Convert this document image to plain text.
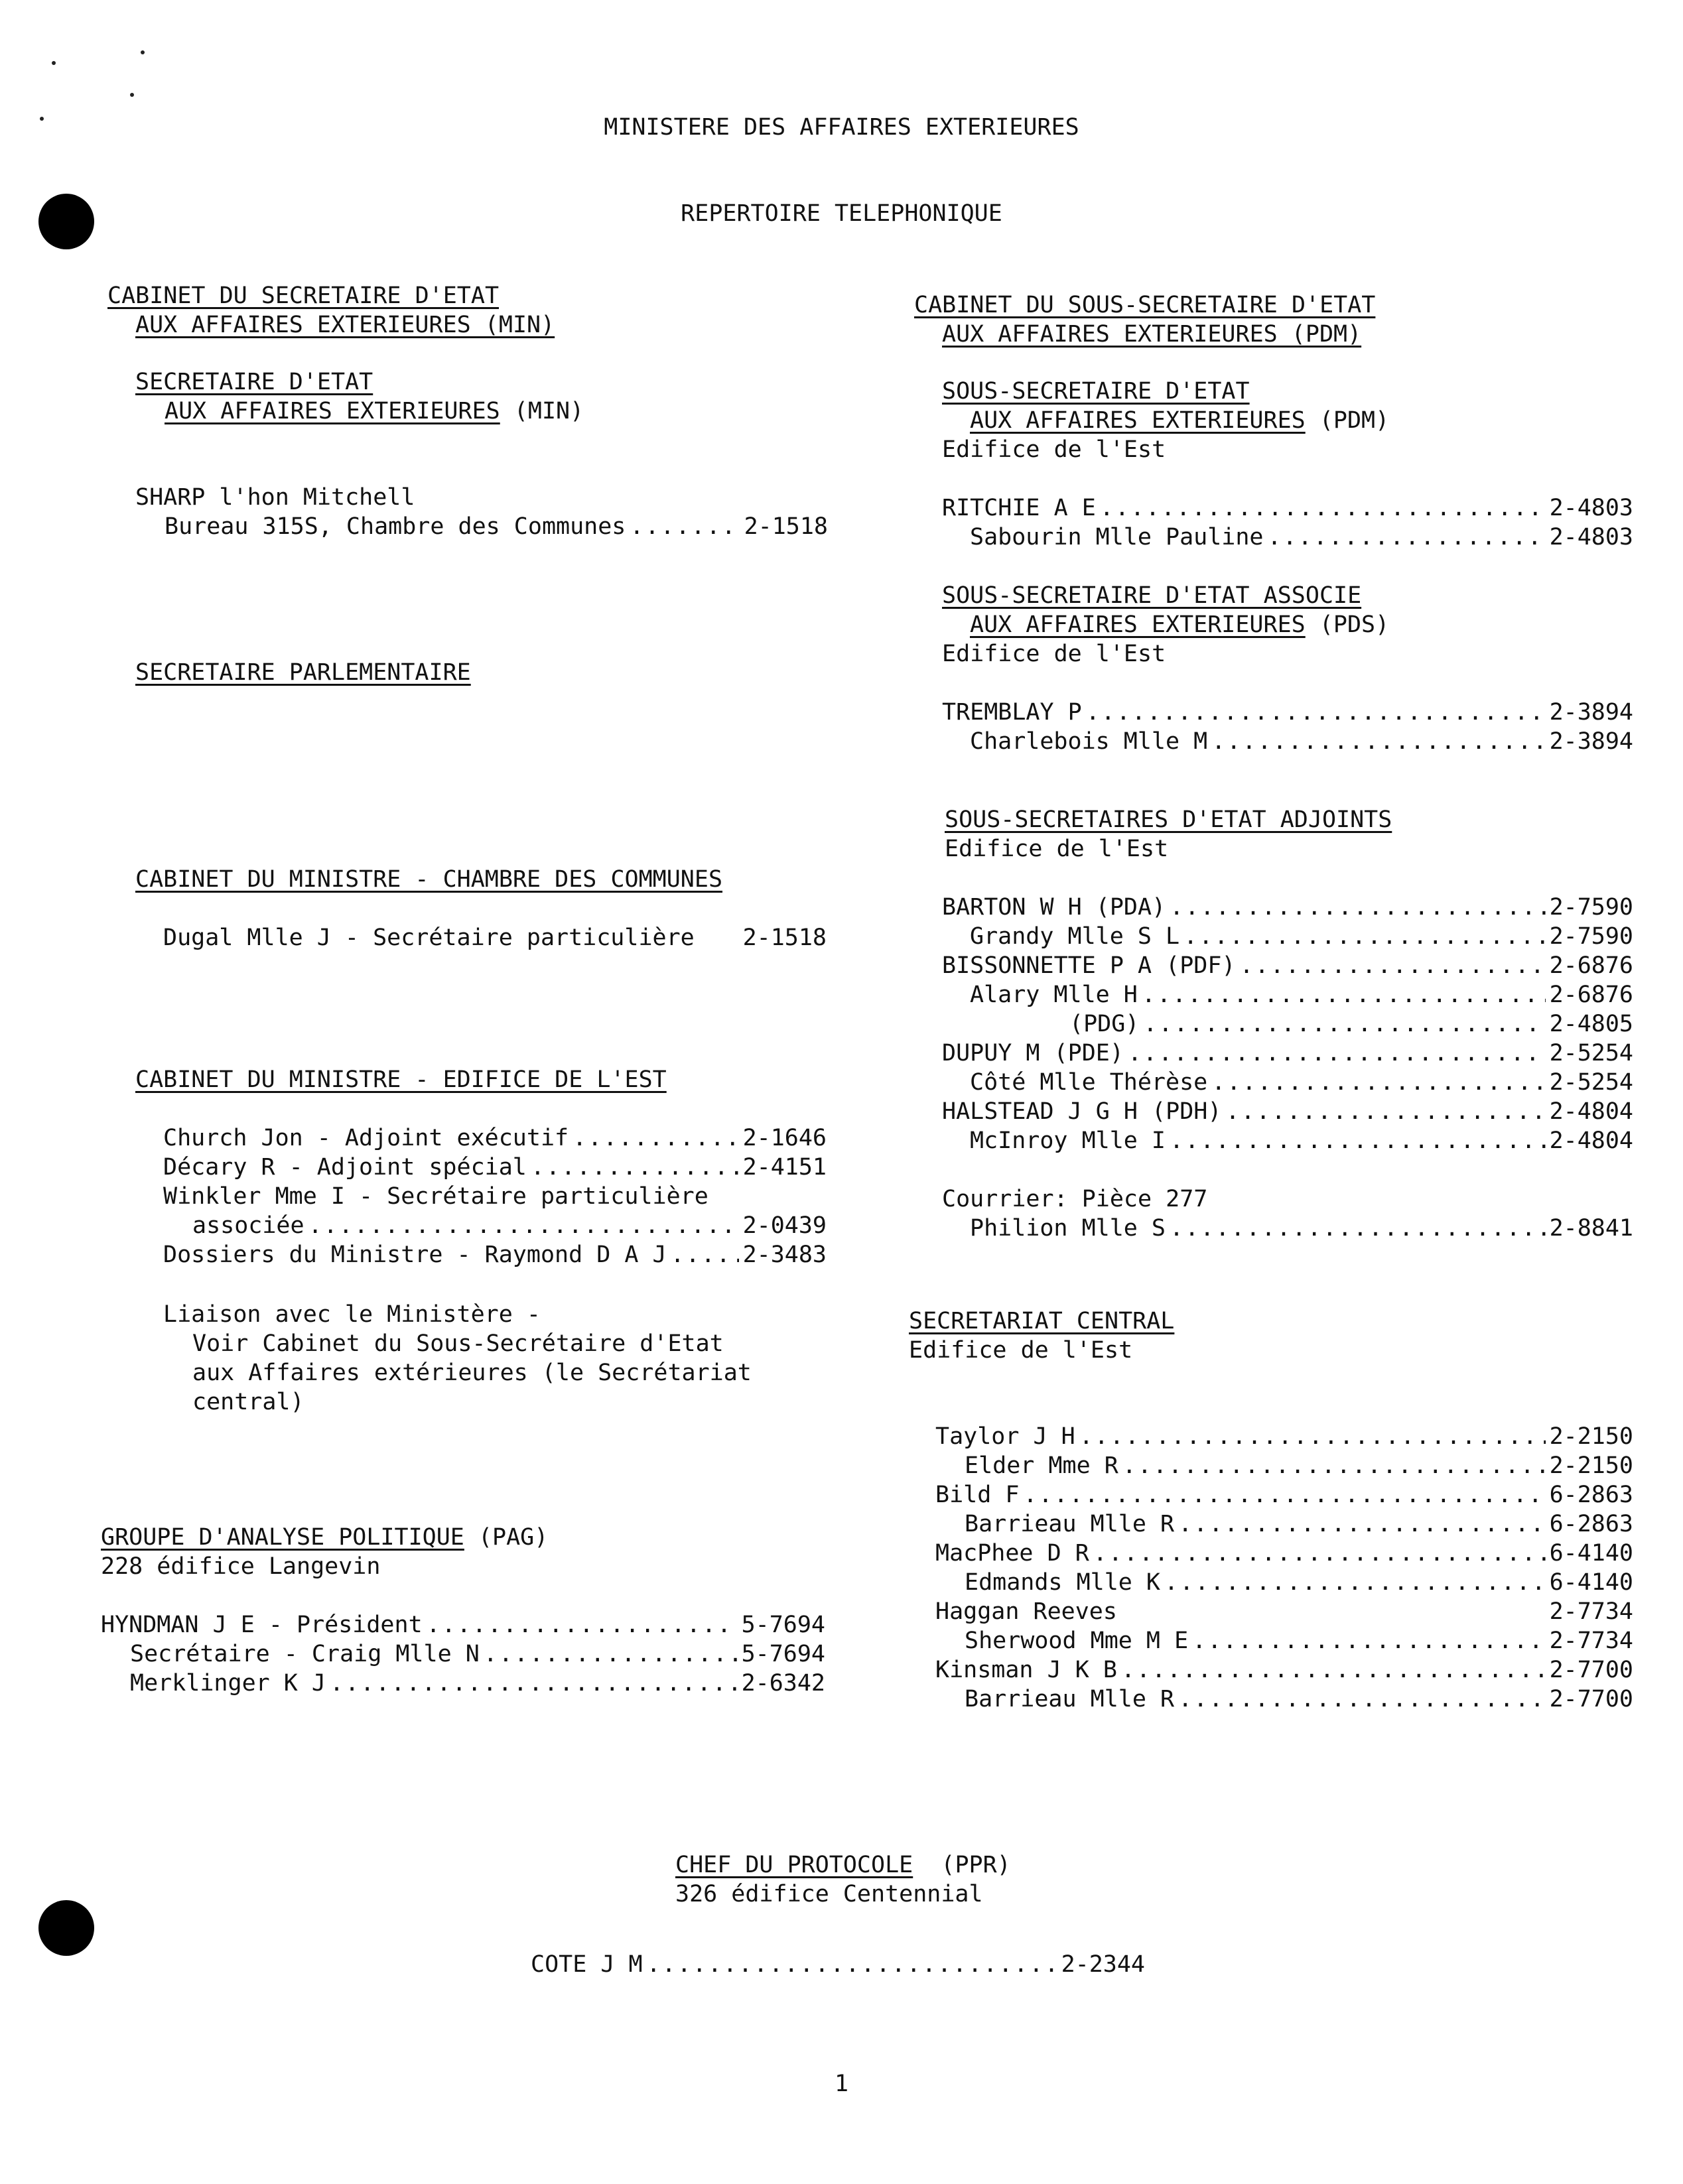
MINISTERE DES AFFAIRES EXTERIEURES
REPERTOIRE TELEPHONIQUE
CABINET DU SECRETAIRE D'ETAT
AUX AFFAIRES EXTERIEURES (MIN)
SECRETAIRE D'ETAT
AUX AFFAIRES EXTERIEURES (MIN)
SHARP l'hon Mitchell
Bureau 315S, Chambre des Communes .....	2-1518
SECRETAIRE PARLEMENTAIRE
CABINET DU MINISTRE - CHAMBRE DES COMMUNES
Dugal Mlle J - Secrétaire particulière 2-1518
CABINET DU MINISTRE - EDIFICE DE L'EST
Church Jon - Adjoint exécutif .....	2-1646
Décary R - Adjoint spécial .....	2-4151
Winkler Mme I - Secrétaire particulière
associée .....	2-0439
Dossiers du Ministre - Raymond D A J .....	2-3483
Liaison avec le Ministère -
Voir Cabinet du Sous-Secrétaire d'Etat
aux Affaires extérieures (le Secrétariat
central)
GROUPE D'ANALYSE POLITIQUE (PAG)
228 édifice Langevin
HYNDMAN J E - Président .....	5-7694
Secrétaire - Craig Mlle N .....	5-7694
Merklinger K J .....	2-6342
CABINET DU SOUS-SECRETAIRE D'ETAT
AUX AFFAIRES EXTERIEURES (PDM)
SOUS-SECRETAIRE D'ETAT
AUX AFFAIRES EXTERIEURES (PDM)
Edifice de l'Est
RITCHIE A E .....	2-4803
Sabourin Mlle Pauline .....	2-4803
SOUS-SECRETAIRE D'ETAT ASSOCIE
AUX AFFAIRES EXTERIEURES (PDS)
Edifice de l'Est
TREMBLAY P .....	2-3894
Charlebois Mlle M .....	2-3894
SOUS-SECRETAIRES D'ETAT ADJOINTS
Edifice de l'Est
BARTON W H (PDA) .....	2-7590
Grandy Mlle S L .....	2-7590
BISSONNETTE P A (PDF) .....	2-6876
Alary Mlle H .....	2-6876
(PDG) .....	2-4805
DUPUY M (PDE) .....	2-5254
Côté Mlle Thérèse .....	2-5254
HALSTEAD J G H (PDH) .....	2-4804
McInroy Mlle I .....	2-4804
Courrier: Pièce 277
Philion Mlle S .....	2-8841
SECRETARIAT CENTRAL
Edifice de l'Est
Taylor J H .....	2-2150
Elder Mme R .....	2-2150
Bild F .....	6-2863
Barrieau Mlle R .....	6-2863
MacPhee D R .....	6-4140
Edmands Mlle K .....	6-4140
Haggan Reeves	2-7734
Sherwood Mme M E .....	2-7734
Kinsman J K B .....	2-7700
Barrieau Mlle R .....	2-7700
CHEF DU PROTOCOLE (PPR)
326 édifice Centennial
COTE J M .....	2-2344
1
